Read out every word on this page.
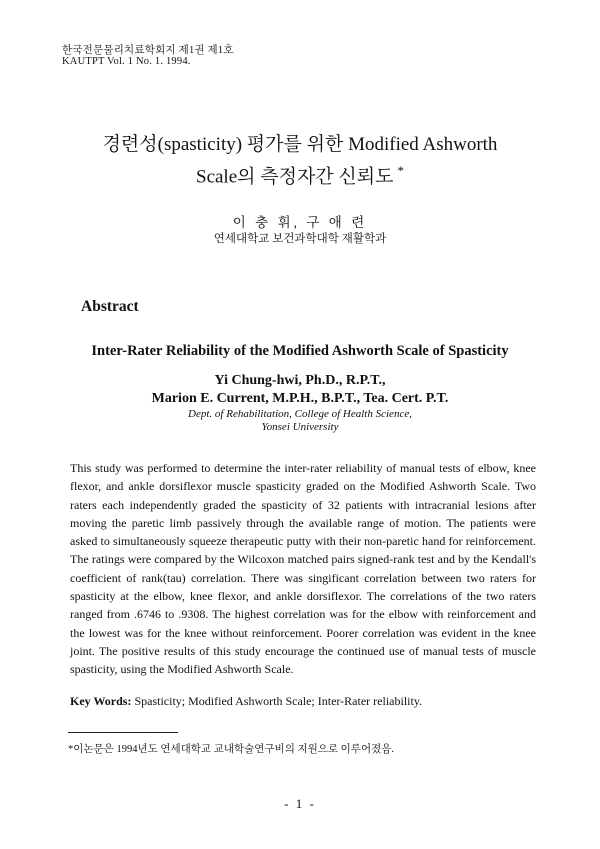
한국전문물리치료학회지 제1권 제1호
KAUTPT Vol. 1 No. 1. 1994.
경련성(spasticity) 평가를 위한 Modified Ashworth
Scale의 측정자간 신뢰도 *
이 충 휘, 구 애 련
연세대학교 보건과학대학 재활학과
Abstract
Inter-Rater Reliability of the Modified Ashworth Scale of Spasticity
Yi Chung-hwi, Ph.D., R.P.T.,
Marion E. Current, M.P.H., B.P.T., Tea. Cert. P.T.
Dept. of Rehabilitation, College of Health Science,
Yonsei University
This study was performed to determine the inter-rater reliability of manual tests of elbow, knee flexor, and ankle dorsiflexor muscle spasticity graded on the Modified Ashworth Scale. Two raters each independently graded the spasticity of 32 patients with intracranial lesions after moving the paretic limb passively through the available range of motion. The patients were asked to simultaneously squeeze therapeutic putty with their non-paretic hand for reinforcement. The ratings were compared by the Wilcoxon matched pairs signed-rank test and by the Kendall's coefficient of rank(tau) correlation. There was singificant correlation between two raters for spasticity at the elbow, knee flexor, and ankle dorsiflexor. The correlations of the two raters ranged from .6746 to .9308. The highest correlation was for the elbow with reinforcement and the lowest was for the knee without reinforcement. Poorer correlation was evident in the knee joint. The positive results of this study encourage the continued use of manual tests of muscle spasticity, using the Modified Ashworth Scale.
Key Words: Spasticity; Modified Ashworth Scale; Inter-Rater reliability.
*이논문은 1994년도 연세대학교 교내학술연구비의 지원으로 이루어졌음.
- 1 -
